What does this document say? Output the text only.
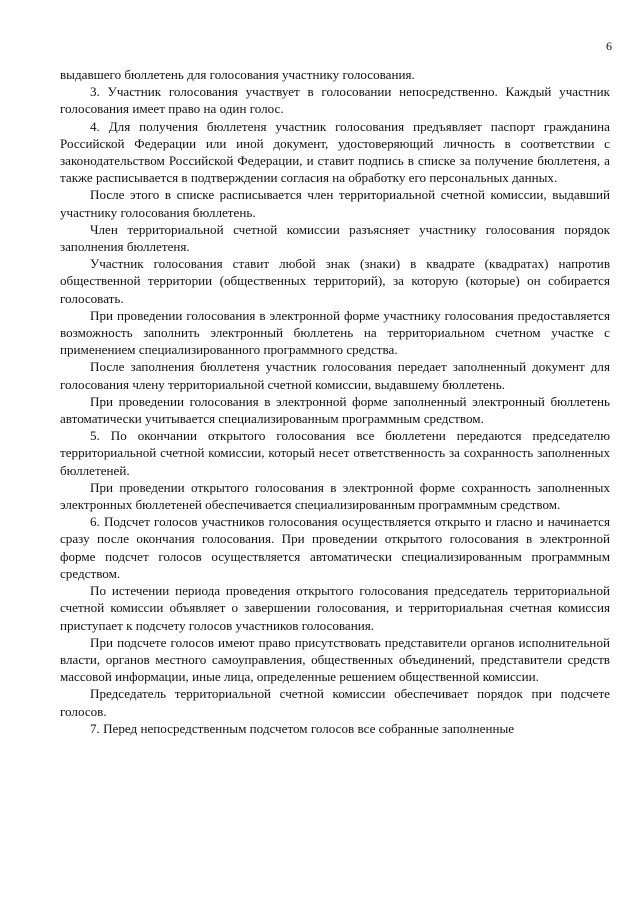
6

выдавшего бюллетень для голосования участнику голосования.

3. Участник голосования участвует в голосовании непосредственно. Каждый участник голосования имеет право на один голос.

4. Для получения бюллетеня участник голосования предъявляет паспорт гражданина Российской Федерации или иной документ, удостоверяющий личность в соответствии с законодательством Российской Федерации, и ставит подпись в списке за получение бюллетеня, а также расписывается в подтверждении согласия на обработку его персональных данных.

После этого в списке расписывается член территориальной счетной комиссии, выдавший участнику голосования бюллетень.

Член территориальной счетной комиссии разъясняет участнику голосования порядок заполнения бюллетеня.

Участник голосования ставит любой знак (знаки) в квадрате (квадратах) напротив общественной территории (общественных территорий), за которую (которые) он собирается голосовать.

При проведении голосования в электронной форме участнику голосования предоставляется возможность заполнить электронный бюллетень на территориальном счетном участке с применением специализированного программного средства.

После заполнения бюллетеня участник голосования передает заполненный документ для голосования члену территориальной счетной комиссии, выдавшему бюллетень.

При проведении голосования в электронной форме заполненный электронный бюллетень автоматически учитывается специализированным программным средством.

5. По окончании открытого голосования все бюллетени передаются председателю территориальной счетной комиссии, который несет ответственность за сохранность заполненных бюллетеней.

При проведении открытого голосования в электронной форме сохранность заполненных электронных бюллетеней обеспечивается специализированным программным средством.

6. Подсчет голосов участников голосования осуществляется открыто и гласно и начинается сразу после окончания голосования. При проведении открытого голосования в электронной форме подсчет голосов осуществляется автоматически специализированным программным средством.

По истечении периода проведения открытого голосования председатель территориальной счетной комиссии объявляет о завершении голосования, и территориальная счетная комиссия приступает к подсчету голосов участников голосования.

При подсчете голосов имеют право присутствовать представители органов исполнительной власти, органов местного самоуправления, общественных объединений, представители средств массовой информации, иные лица, определенные решением общественной комиссии.

Председатель территориальной счетной комиссии обеспечивает порядок при подсчете голосов.

7. Перед непосредственным подсчетом голосов все собранные заполненные
